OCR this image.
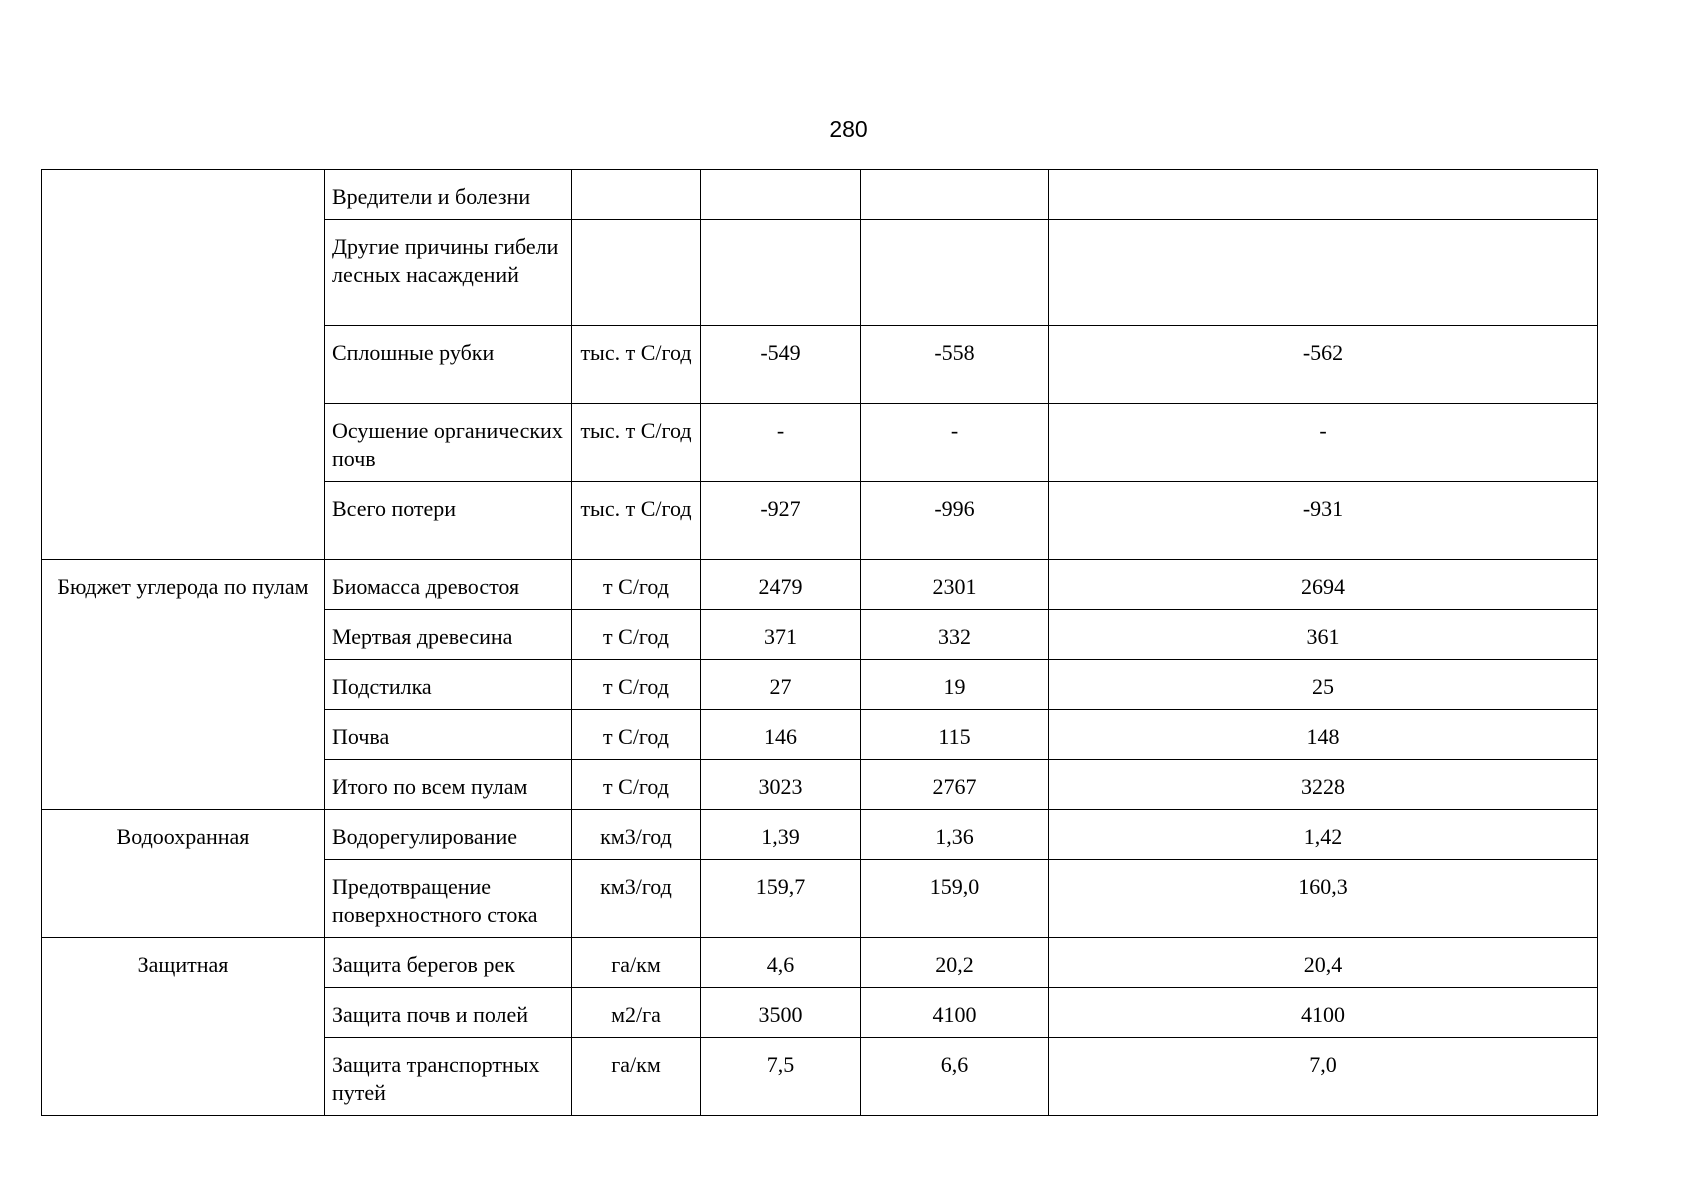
280
	Вредители и болезни				
	Другие причины гибели лесных насаждений				
	Сплошные рубки	тыс. т С/год	-549	-558	-562
	Осушение органических почв	тыс. т С/год	-	-	-
	Всего потери	тыс. т С/год	-927	-996	-931
Бюджет углерода по пулам	Биомасса древостоя	т С/год	2479	2301	2694
	Мертвая древесина	т С/год	371	332	361
	Подстилка	т С/год	27	19	25
	Почва	т С/год	146	115	148
	Итого по всем пулам	т С/год	3023	2767	3228
Водоохранная	Водорегулирование	км3/год	1,39	1,36	1,42
	Предотвращение поверхностного стока	км3/год	159,7	159,0	160,3
Защитная	Защита берегов рек	га/км	4,6	20,2	20,4
	Защита почв и полей	м2/га	3500	4100	4100
	Защита транспортных путей	га/км	7,5	6,6	7,0
